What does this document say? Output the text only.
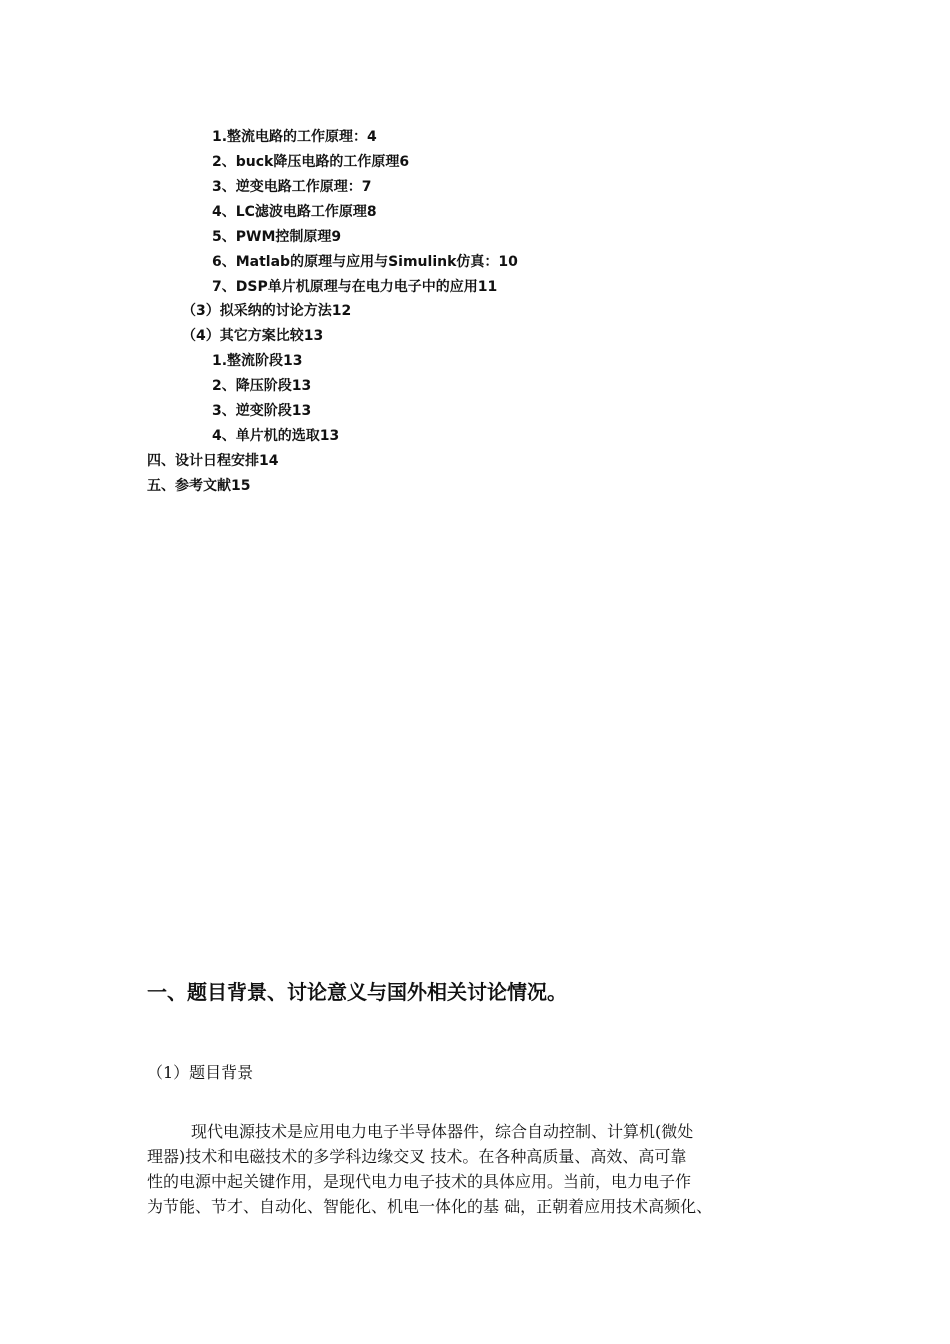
1.整流电路的工作原理：4
2、buck降压电路的工作原理6
3、逆变电路工作原理：7
4、LC滤波电路工作原理8
5、PWM控制原理9
6、Matlab的原理与应用与Simulink仿真：10
7、DSP单片机原理与在电力电子中的应用11
（3）拟采纳的讨论方法12
（4）其它方案比较13
1.整流阶段13
2、降压阶段13
3、逆变阶段13
4、单片机的选取13
四、设计日程安排14
五、参考文献15
一、题目背景、讨论意义与国外相关讨论情况。
（1）题目背景
现代电源技术是应用电力电子半导体器件，综合自动控制、计算机(微处
理器)技术和电磁技术的多学科边缘交叉 技术。在各种高质量、高效、高可靠
性的电源中起关键作用，是现代电力电子技术的具体应用。当前，电力电子作
为节能、节才、自动化、智能化、机电一体化的基 础，正朝着应用技术高频化、
